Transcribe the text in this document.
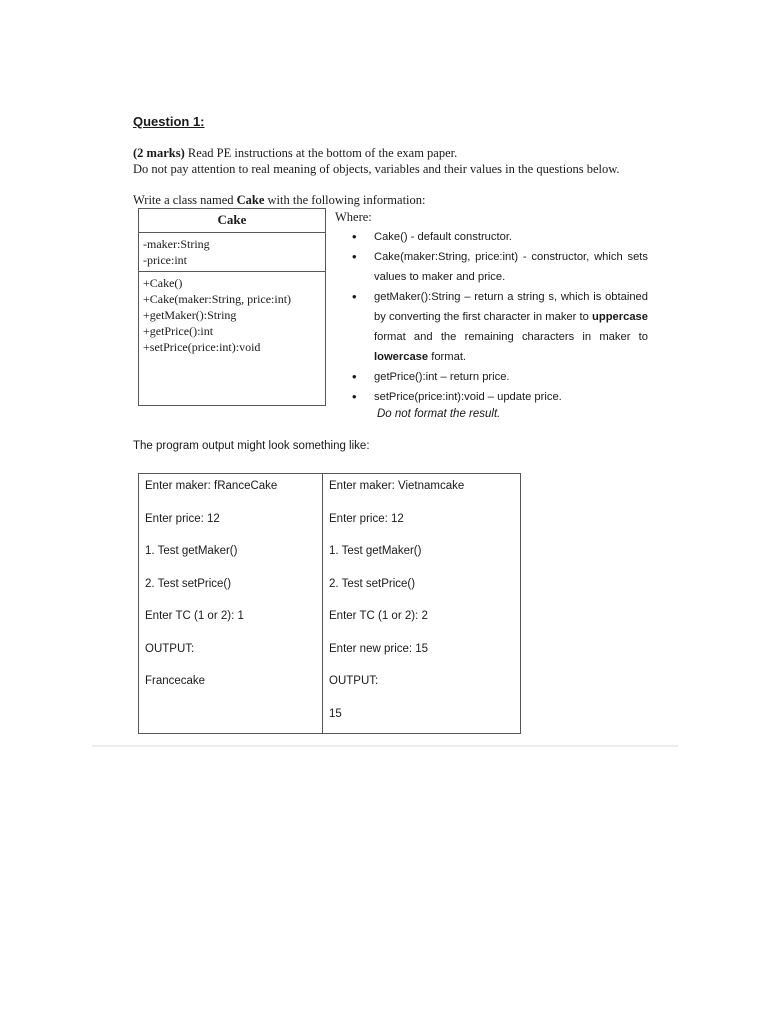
Question 1:
(2 marks) Read PE instructions at the bottom of the exam paper.
Do not pay attention to real meaning of objects, variables and their values in the questions below.
Write a class named Cake with the following information:
Cake
-maker:String
-price:int
+Cake()
+Cake(maker:String, price:int)
+getMaker():String
+getPrice():int
+setPrice(price:int):void
Where:
• Cake() - default constructor.
• Cake(maker:String, price:int) - constructor, which sets values to maker and price.
• getMaker():String – return a string s, which is obtained by converting the first character in maker to uppercase format and the remaining characters in maker to lowercase format.
• getPrice():int – return price.
• setPrice(price:int):void – update price.
Do not format the result.
The program output might look something like:
Enter maker: fRanceCake
Enter price: 12
1. Test getMaker()
2. Test setPrice()
Enter TC (1 or 2): 1
OUTPUT:
Francecake
Enter maker: Vietnamcake
Enter price: 12
1. Test getMaker()
2. Test setPrice()
Enter TC (1 or 2): 2
Enter new price: 15
OUTPUT:
15
